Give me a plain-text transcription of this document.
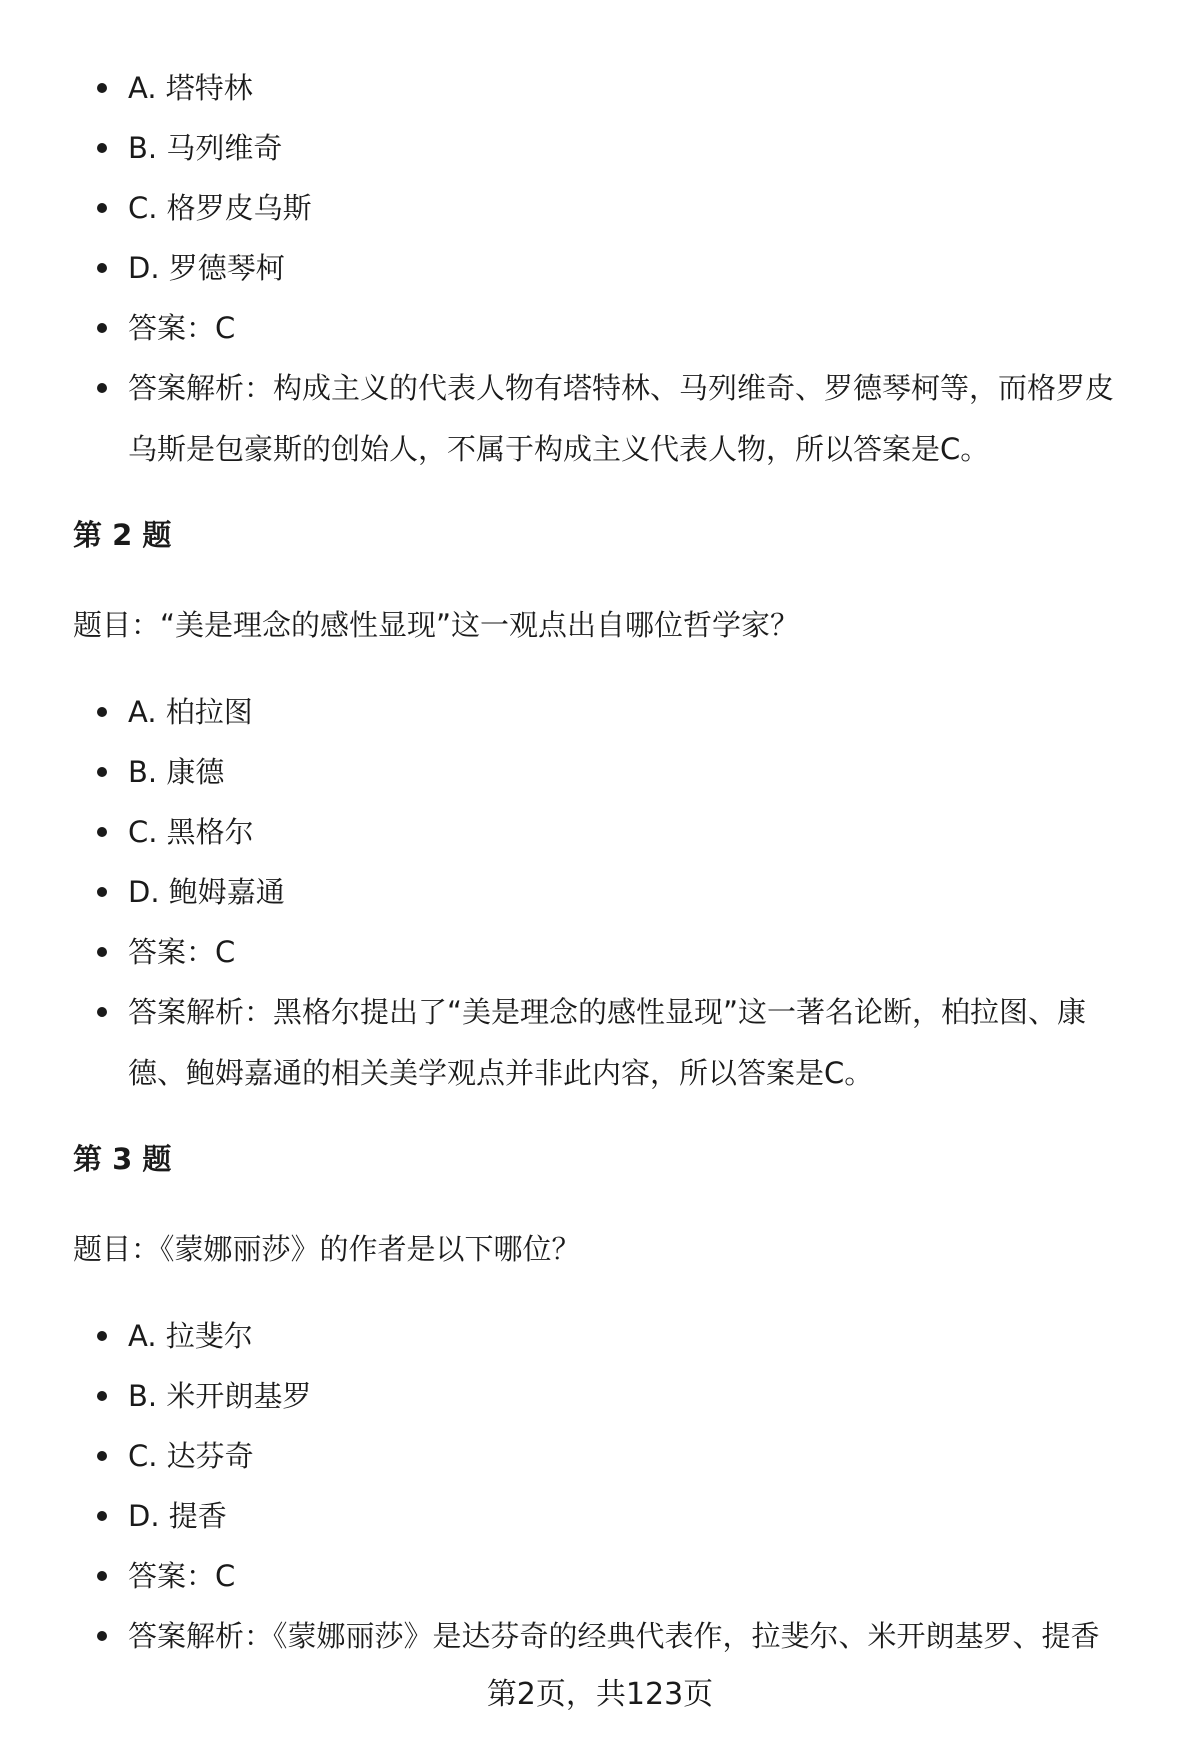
A. 塔特林
B. 马列维奇
C. 格罗皮乌斯
D. 罗德琴柯
答案：C
答案解析：构成主义的代表人物有塔特林、马列维奇、罗德琴柯等，而格罗皮乌斯是包豪斯的创始人，不属于构成主义代表人物，所以答案是C。
第 2 题
题目：“美是理念的感性显现”这一观点出自哪位哲学家？
A. 柏拉图
B. 康德
C. 黑格尔
D. 鲍姆嘉通
答案：C
答案解析：黑格尔提出了“美是理念的感性显现”这一著名论断，柏拉图、康德、鲍姆嘉通的相关美学观点并非此内容，所以答案是C。
第 3 题
题目：《蒙娜丽莎》的作者是以下哪位？
A. 拉斐尔
B. 米开朗基罗
C. 达芬奇
D. 提香
答案：C
答案解析：《蒙娜丽莎》是达芬奇的经典代表作，拉斐尔、米开朗基罗、提香
第2页，共123页
